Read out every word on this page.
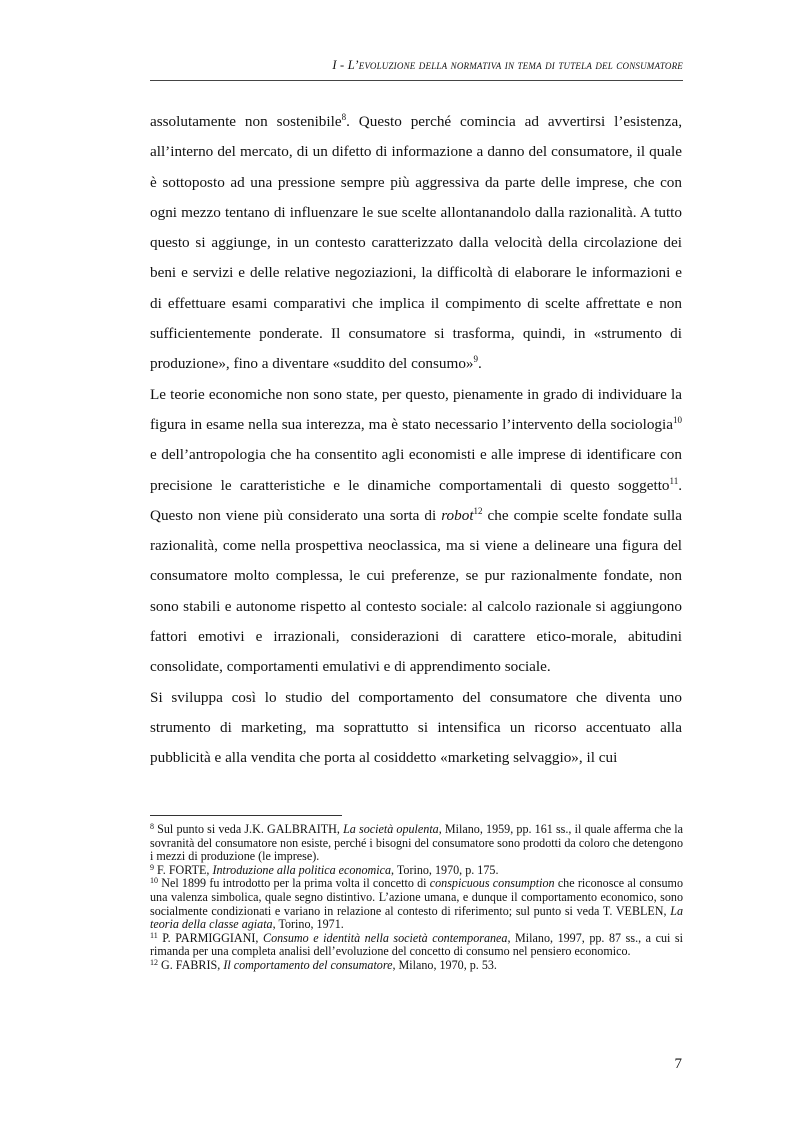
I - L’evoluzione della normativa in tema di tutela del consumatore

assolutamente non sostenibile$^8$. Questo perché comincia ad avvertirsi l’esistenza, all’interno del mercato, di un difetto di informazione a danno del consumatore, il quale è sottoposto ad una pressione sempre più aggressiva da parte delle imprese, che con ogni mezzo tentano di influenzare le sue scelte allontanandolo dalla razionalità. A tutto questo si aggiunge, in un contesto caratterizzato dalla velocità della circolazione dei beni e servizi e delle relative negoziazioni, la difficoltà di elaborare le informazioni e di effettuare esami comparativi che implica il compimento di scelte affrettate e non sufficientemente ponderate. Il consumatore si trasforma, quindi, in «strumento di produzione», fino a diventare «suddito del consumo»$^9$.

Le teorie economiche non sono state, per questo, pienamente in grado di individuare la figura in esame nella sua interezza, ma è stato necessario l’intervento della sociologia$^{10}$ e dell’antropologia che ha consentito agli economisti e alle imprese di identificare con precisione le caratteristiche e le dinamiche comportamentali di questo soggetto$^{11}$. Questo non viene più considerato una sorta di robot$^{12}$ che compie scelte fondate sulla razionalità, come nella prospettiva neoclassica, ma si viene a delineare una figura del consumatore molto complessa, le cui preferenze, se pur razionalmente fondate, non sono stabili e autonome rispetto al contesto sociale: al calcolo razionale si aggiungono fattori emotivi e irrazionali, considerazioni di carattere etico-morale, abitudini consolidate, comportamenti emulativi e di apprendimento sociale.

Si sviluppa così lo studio del comportamento del consumatore che diventa uno strumento di marketing, ma soprattutto si intensifica un ricorso accentuato alla pubblicità e alla vendita che porta al cosiddetto «marketing selvaggio», il cui

$^8$ Sul punto si veda J.K. GALBRAITH, La società opulenta, Milano, 1959, pp. 161 ss., il quale afferma che la sovranità del consumatore non esiste, perché i bisogni del consumatore sono prodotti da coloro che detengono i mezzi di produzione (le imprese).

$^9$ F. FORTE, Introduzione alla politica economica, Torino, 1970, p. 175.

$^{10}$ Nel 1899 fu introdotto per la prima volta il concetto di conspicuous consumption che riconosce al consumo una valenza simbolica, quale segno distintivo. L’azione umana, e dunque il comportamento economico, sono socialmente condizionati e variano in relazione al contesto di riferimento; sul punto si veda T. VEBLEN, La teoria della classe agiata, Torino, 1971.

$^{11}$ P. PARMIGGIANI, Consumo e identità nella società contemporanea, Milano, 1997, pp. 87 ss., a cui si rimanda per una completa analisi dell’evoluzione del concetto di consumo nel pensiero economico.

$^{12}$ G. FABRIS, Il comportamento del consumatore, Milano, 1970, p. 53.

7
